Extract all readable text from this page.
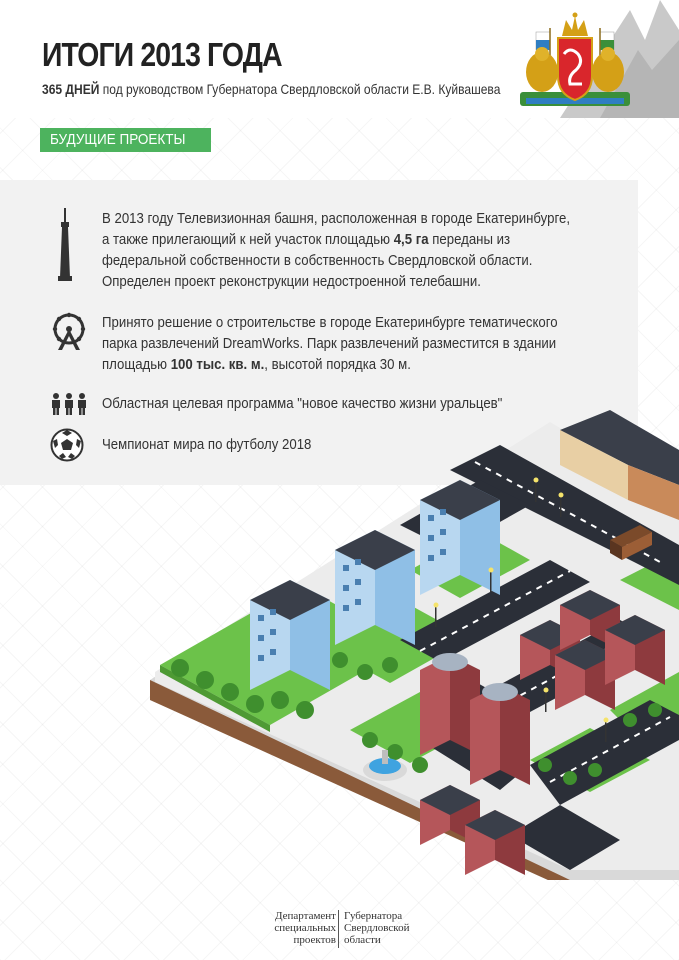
ИТОГИ 2013 ГОДА
365 ДНЕЙ под руководством Губернатора Свердловской области Е.В. Куйвашева
БУДУЩИЕ ПРОЕКТЫ
В 2013 году Телевизионная башня, расположенная в городе Екатеринбурге, а также прилегающий к ней участок площадью 4,5 га переданы из федеральной собственности в собственность Свердловской области. Определен проект реконструкции недостроенной телебашни.
Принято решение о строительстве в городе Екатеринбурге тематического парка развлечений DreamWorks. Парк развлечений разместится в здании площадью 100 тыс. кв. м., высотой порядка 30 м.
Областная целевая программа "новое качество жизни уральцев"
Чемпионат мира по футболу 2018
Департамент
специальных
проектов
Губернатора
Свердловской
области
